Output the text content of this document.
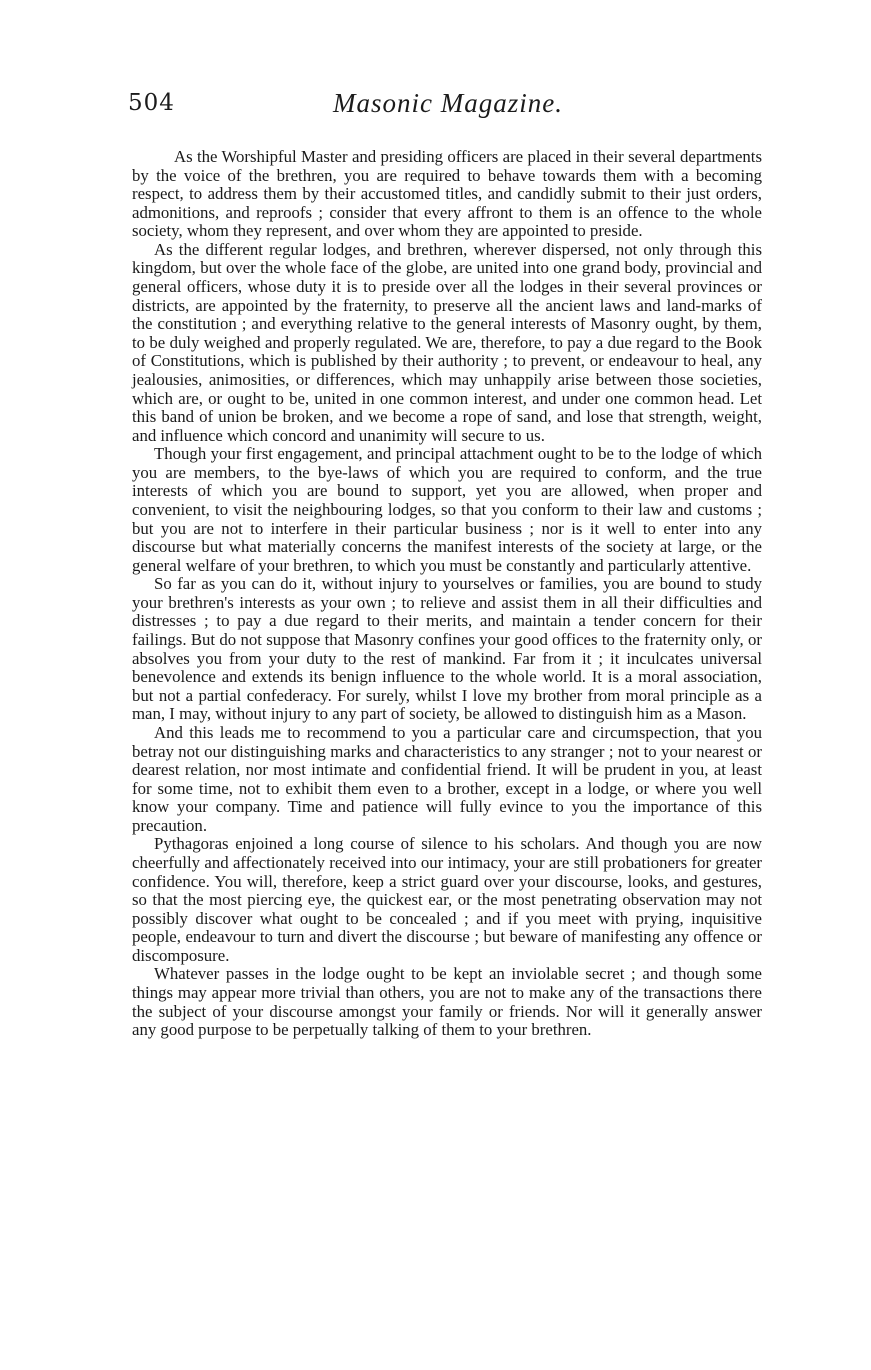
504	Masonic Magazine.

As the Worshipful Master and presiding officers are placed in their several departments by the voice of the brethren, you are required to behave towards them with a becoming respect, to address them by their accustomed titles, and candidly submit to their just orders, admonitions, and reproofs ; consider that every affront to them is an offence to the whole society, whom they represent, and over whom they are appointed to preside.

As the different regular lodges, and brethren, wherever dispersed, not only through this kingdom, but over the whole face of the globe, are united into one grand body, provincial and general officers, whose duty it is to preside over all the lodges in their several provinces or districts, are appointed by the fraternity, to preserve all the ancient laws and land-marks of the constitution ; and everything relative to the general interests of Masonry ought, by them, to be duly weighed and properly regulated. We are, therefore, to pay a due regard to the Book of Constitutions, which is published by their authority ; to prevent, or endeavour to heal, any jealousies, animosities, or differences, which may unhappily arise between those societies, which are, or ought to be, united in one common interest, and under one common head. Let this band of union be broken, and we become a rope of sand, and lose that strength, weight, and influence which concord and unanimity will secure to us.

Though your first engagement, and principal attachment ought to be to the lodge of which you are members, to the bye-laws of which you are required to conform, and the true interests of which you are bound to support, yet you are allowed, when proper and convenient, to visit the neighbouring lodges, so that you conform to their law and customs ; but you are not to interfere in their particular business ; nor is it well to enter into any discourse but what materially concerns the manifest interests of the society at large, or the general welfare of your brethren, to which you must be constantly and particularly attentive.

So far as you can do it, without injury to yourselves or families, you are bound to study your brethren's interests as your own ; to relieve and assist them in all their difficulties and distresses ; to pay a due regard to their merits, and maintain a tender concern for their failings. But do not suppose that Masonry confines your good offices to the fraternity only, or absolves you from your duty to the rest of mankind. Far from it ; it inculcates universal benevolence and extends its benign influence to the whole world. It is a moral association, but not a partial confederacy. For surely, whilst I love my brother from moral principle as a man, I may, without injury to any part of society, be allowed to distinguish him as a Mason.

And this leads me to recommend to you a particular care and circumspection, that you betray not our distinguishing marks and characteristics to any stranger ; not to your nearest or dearest relation, nor most intimate and confidential friend. It will be prudent in you, at least for some time, not to exhibit them even to a brother, except in a lodge, or where you well know your company. Time and patience will fully evince to you the importance of this precaution.

Pythagoras enjoined a long course of silence to his scholars. And though you are now cheerfully and affectionately received into our intimacy, your are still probationers for greater confidence. You will, therefore, keep a strict guard over your discourse, looks, and gestures, so that the most piercing eye, the quickest ear, or the most penetrating observation may not possibly discover what ought to be concealed ; and if you meet with prying, inquisitive people, endeavour to turn and divert the discourse ; but beware of manifesting any offence or discomposure.

Whatever passes in the lodge ought to be kept an inviolable secret ; and though some things may appear more trivial than others, you are not to make any of the transactions there the subject of your discourse amongst your family or friends. Nor will it generally answer any good purpose to be perpetually talking of them to your brethren.
